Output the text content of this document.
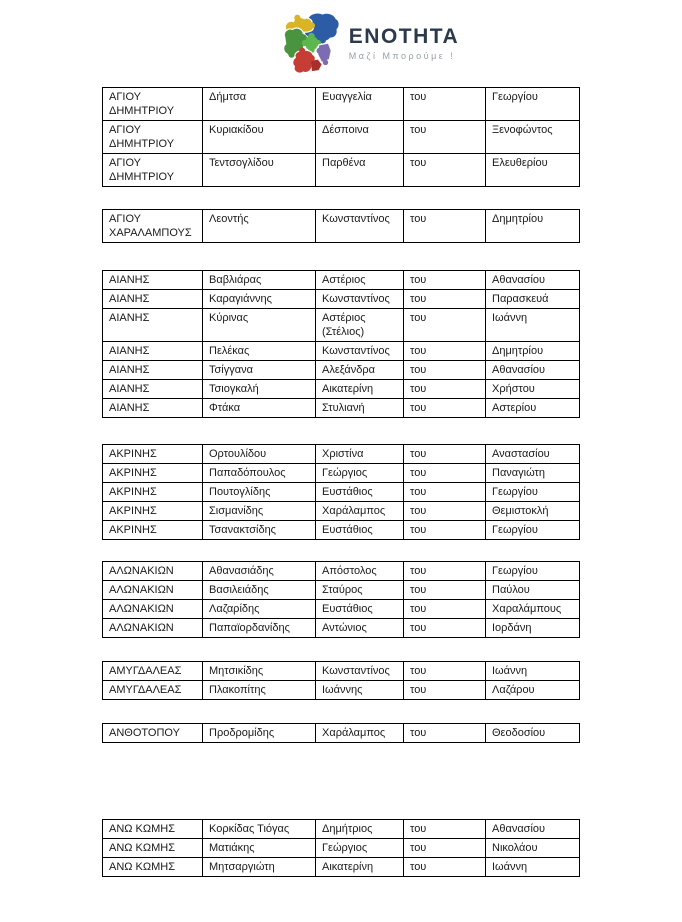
ΕΝΟΤΗΤΑ
Μαζί Μπορούμε !
ΑΓΙΟΥ ΔΗΜΗΤΡΙΟΥ	Δήμτσα	Ευαγγελία	του	Γεωργίου
ΑΓΙΟΥ ΔΗΜΗΤΡΙΟΥ	Κυριακίδου	Δέσποινα	του	Ξενοφώντος
ΑΓΙΟΥ ΔΗΜΗΤΡΙΟΥ	Τεντσογλίδου	Παρθένα	του	Ελευθερίου
ΑΓΙΟΥ ΧΑΡΑΛΑΜΠΟΥΣ	Λεοντής	Κωνσταντίνος	του	Δημητρίου
ΑΙΑΝΗΣ	Βαβλιάρας	Αστέριος	του	Αθανασίου
ΑΙΑΝΗΣ	Καραγιάννης	Κωνσταντίνος	του	Παρασκευά
ΑΙΑΝΗΣ	Κύρινας	Αστέριος (Στέλιος)	του	Ιωάννη
ΑΙΑΝΗΣ	Πελέκας	Κωνσταντίνος	του	Δημητρίου
ΑΙΑΝΗΣ	Τσίγγανα	Αλεξάνδρα	του	Αθανασίου
ΑΙΑΝΗΣ	Τσιογκαλή	Αικατερίνη	του	Χρήστου
ΑΙΑΝΗΣ	Φτάκα	Στυλιανή	του	Αστερίου
ΑΚΡΙΝΗΣ	Ορτουλίδου	Χριστίνα	του	Αναστασίου
ΑΚΡΙΝΗΣ	Παπαδόπουλος	Γεώργιος	του	Παναγιώτη
ΑΚΡΙΝΗΣ	Πουτογλίδης	Ευστάθιος	του	Γεωργίου
ΑΚΡΙΝΗΣ	Σισμανίδης	Χαράλαμπος	του	Θεμιστοκλή
ΑΚΡΙΝΗΣ	Τσανακτσίδης	Ευστάθιος	του	Γεωργίου
ΑΛΩΝΑΚΙΩΝ	Αθανασιάδης	Απόστολος	του	Γεωργίου
ΑΛΩΝΑΚΙΩΝ	Βασιλειάδης	Σταύρος	του	Παύλου
ΑΛΩΝΑΚΙΩΝ	Λαζαρίδης	Ευστάθιος	του	Χαραλάμπους
ΑΛΩΝΑΚΙΩΝ	Παπαϊορδανίδης	Αντώνιος	του	Ιορδάνη
ΑΜΥΓΔΑΛΕΑΣ	Μητσικίδης	Κωνσταντίνος	του	Ιωάννη
ΑΜΥΓΔΑΛΕΑΣ	Πλακοπίτης	Ιωάννης	του	Λαζάρου
ΑΝΘΟΤΟΠΟΥ	Προδρομίδης	Χαράλαμπος	του	Θεοδοσίου
ΑΝΩ ΚΩΜΗΣ	Κορκίδας Τιόγας	Δημήτριος	του	Αθανασίου
ΑΝΩ ΚΩΜΗΣ	Ματιάκης	Γεώργιος	του	Νικολάου
ΑΝΩ ΚΩΜΗΣ	Μητσαργιώτη	Αικατερίνη	του	Ιωάννη
